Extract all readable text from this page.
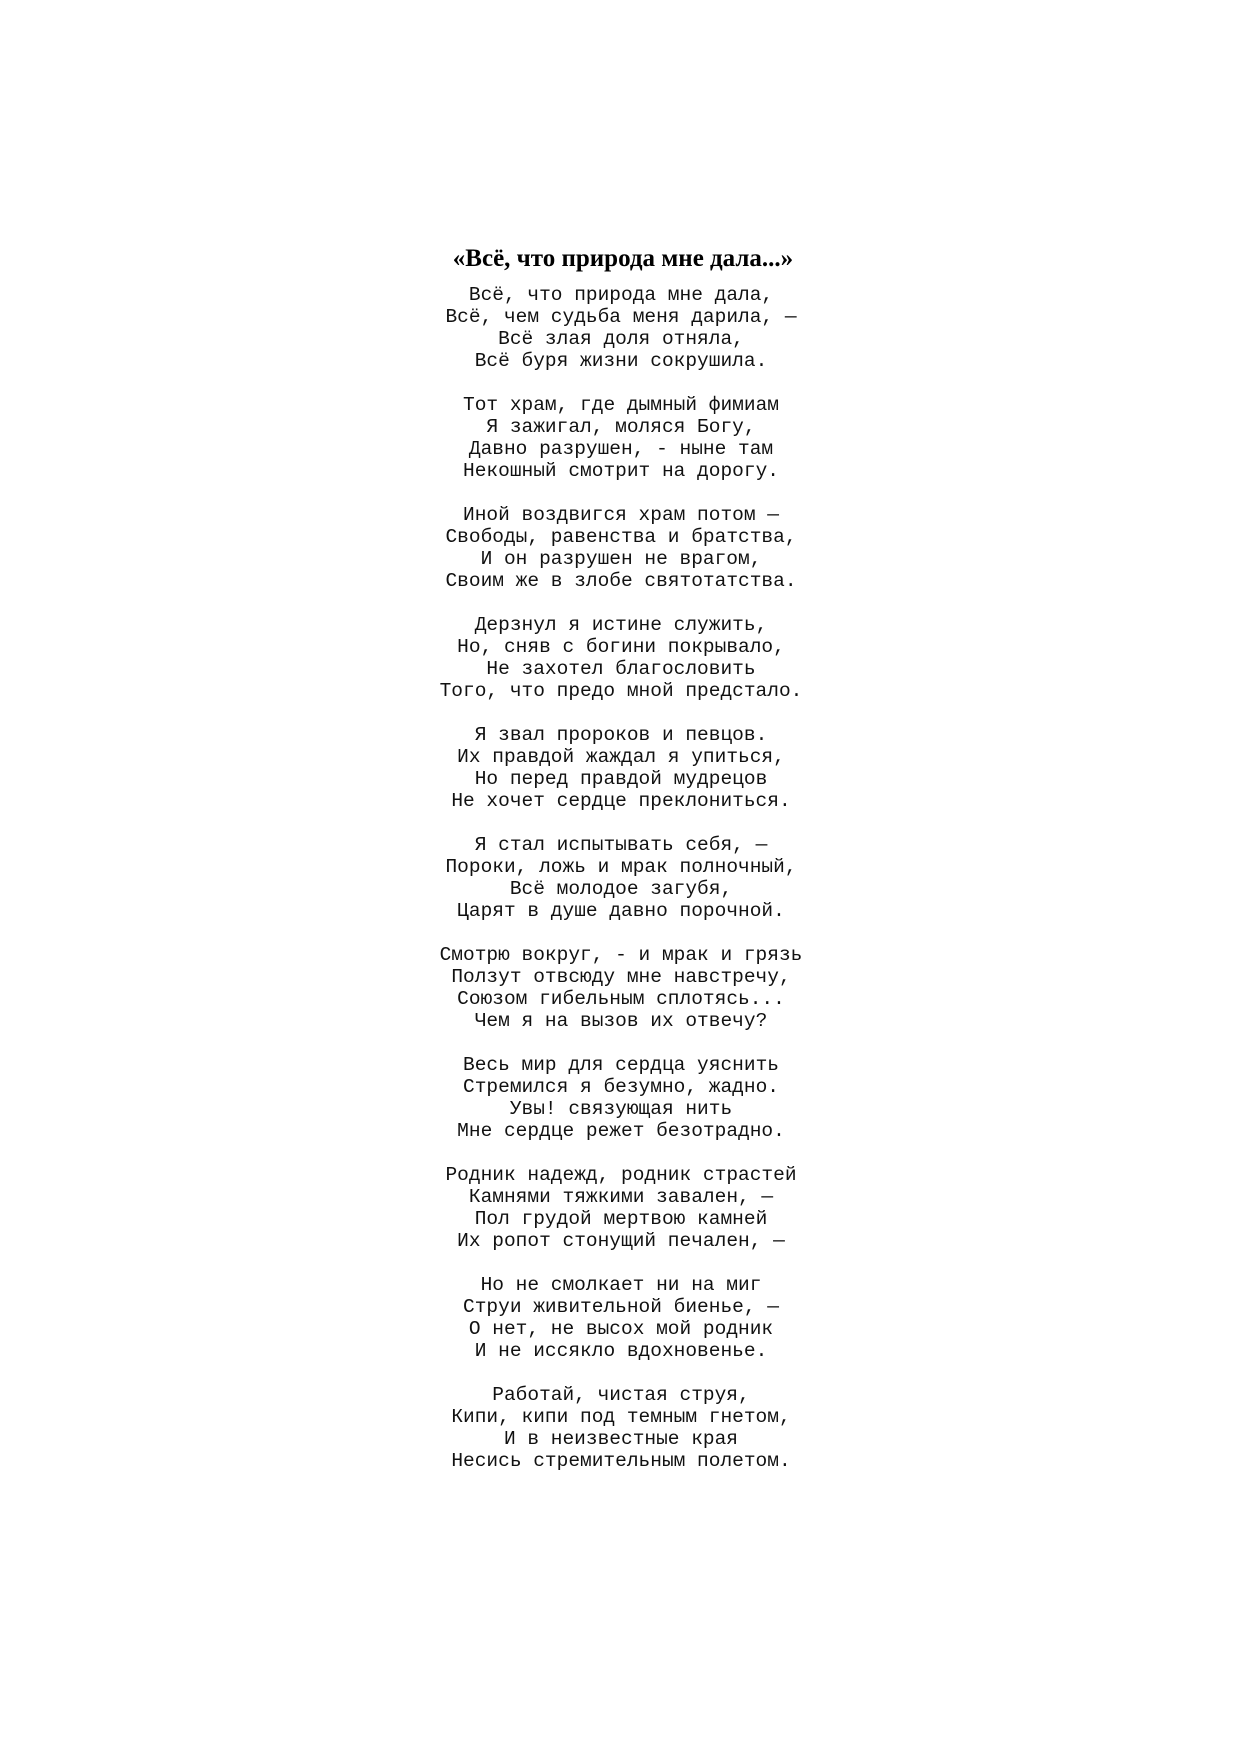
«Всё, что природа мне дала...»
Всё, что природа мне дала,
Всё, чем судьба меня дарила, —
Всё злая доля отняла,
Всё буря жизни сокрушила.
Тот храм, где дымный фимиам
Я зажигал, моляся Богу,
Давно разрушен, - ныне там
Некошный смотрит на дорогу.
Иной воздвигся храм потом —
Свободы, равенства и братства,
И он разрушен не врагом,
Своим же в злобе святотатства.
Дерзнул я истине служить,
Но, сняв с богини покрывало,
Не захотел благословить
Того, что предо мной предстало.
Я звал пророков и певцов.
Их правдой жаждал я упиться,
Но перед правдой мудрецов
Не хочет сердце преклониться.
Я стал испытывать себя, —
Пороки, ложь и мрак полночный,
Всё молодое загубя,
Царят в душе давно порочной.
Смотрю вокруг, - и мрак и грязь
Ползут отвсюду мне навстречу,
Союзом гибельным сплотясь...
Чем я на вызов их отвечу?
Весь мир для сердца уяснить
Стремился я безумно, жадно.
Увы! связующая нить
Мне сердце режет безотрадно.
Родник надежд, родник страстей
Камнями тяжкими завален, —
Пол грудой мертвою камней
Их ропот стонущий печален, —
Но не смолкает ни на миг
Струи живительной биенье, —
О нет, не высох мой родник
И не иссякло вдохновенье.
Работай, чистая струя,
Кипи, кипи под темным гнетом,
И в неизвестные края
Несись стремительным полетом.
